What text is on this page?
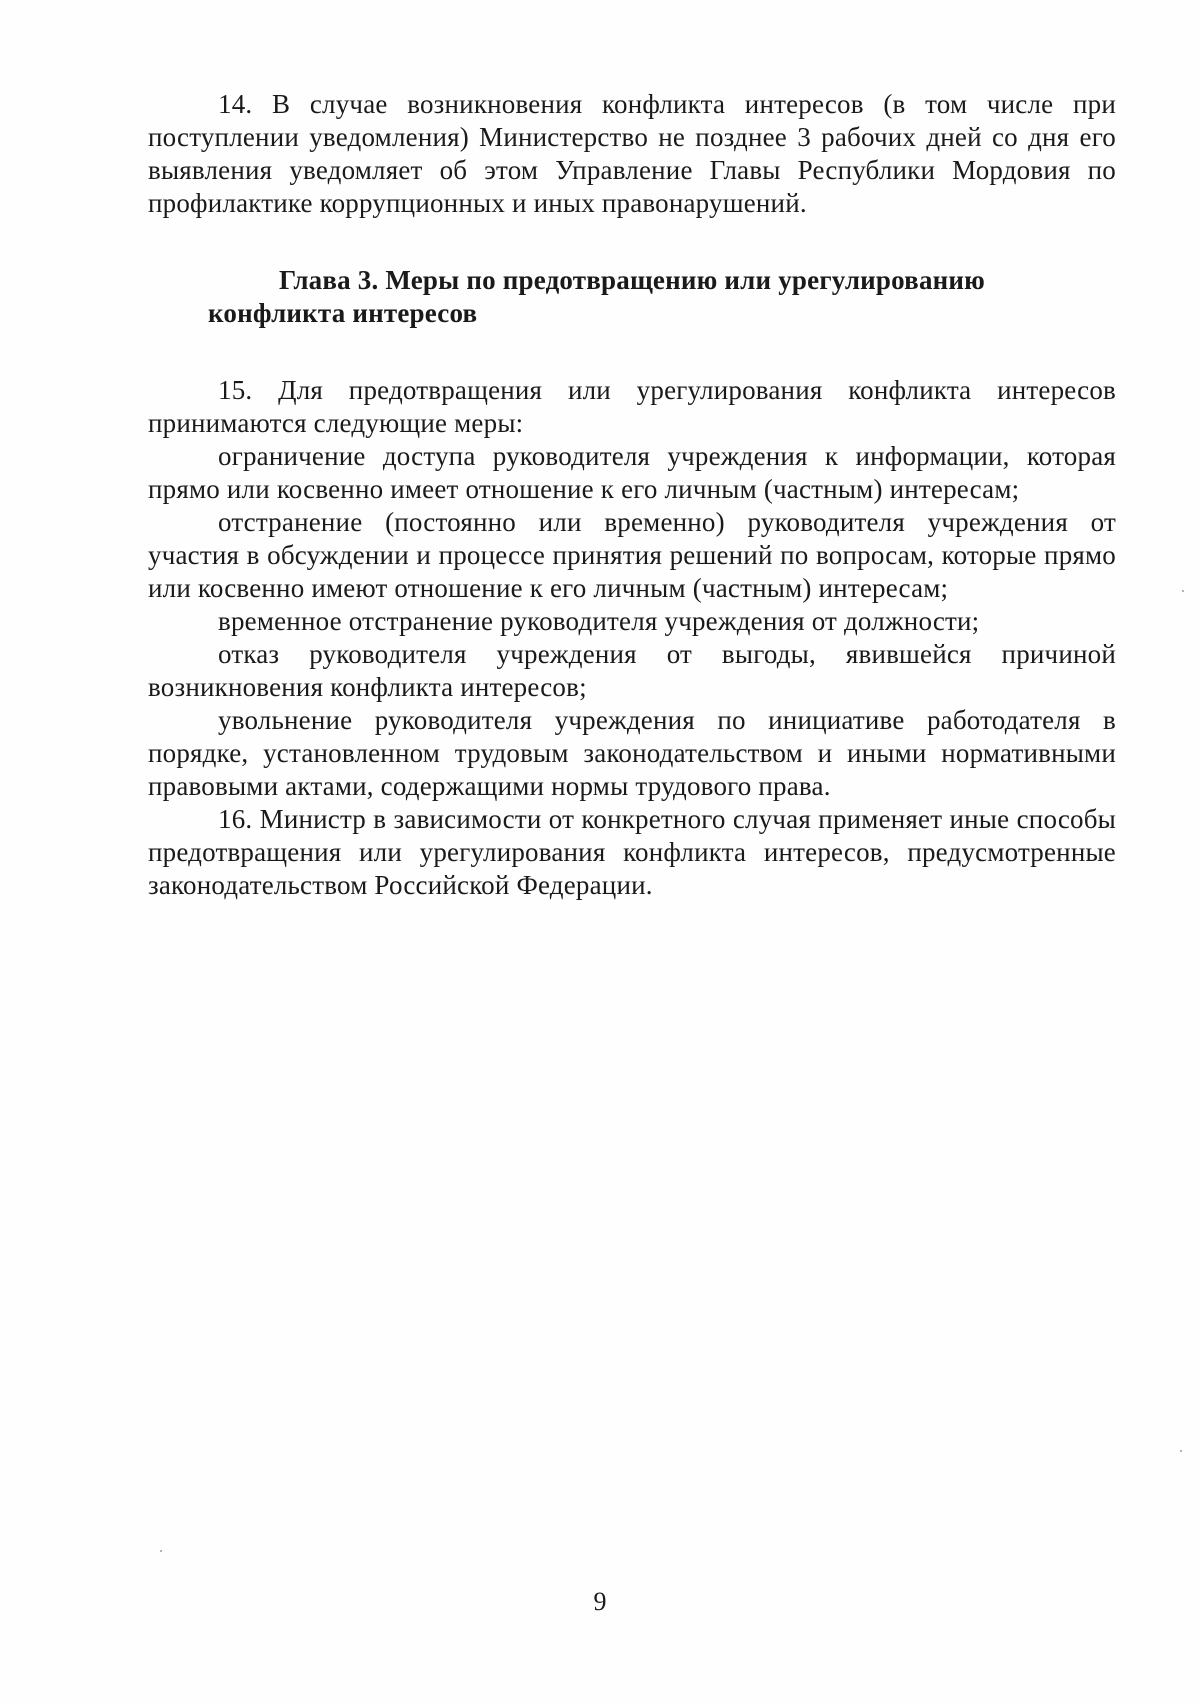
14. В случае возникновения конфликта интересов (в том числе при поступлении уведомления) Министерство не позднее 3 рабочих дней со дня его выявления уведомляет об этом Управление Главы Республики Мордовия по профилактике коррупционных и иных правонарушений.

Глава 3. Меры по предотвращению или урегулированию конфликта интересов

15. Для предотвращения или урегулирования конфликта интересов принимаются следующие меры:

ограничение доступа руководителя учреждения к информации, которая прямо или косвенно имеет отношение к его личным (частным) интересам;

отстранение (постоянно или временно) руководителя учреждения от участия в обсуждении и процессе принятия решений по вопросам, которые прямо или косвенно имеют отношение к его личным (частным) интересам;

временное отстранение руководителя учреждения от должности;

отказ руководителя учреждения от выгоды, явившейся причиной возникновения конфликта интересов;

увольнение руководителя учреждения по инициативе работодателя в порядке, установленном трудовым законодательством и иными нормативными правовыми актами, содержащими нормы трудового права.

16. Министр в зависимости от конкретного случая применяет иные способы предотвращения или урегулирования конфликта интересов, предусмотренные законодательством Российской Федерации.

9
